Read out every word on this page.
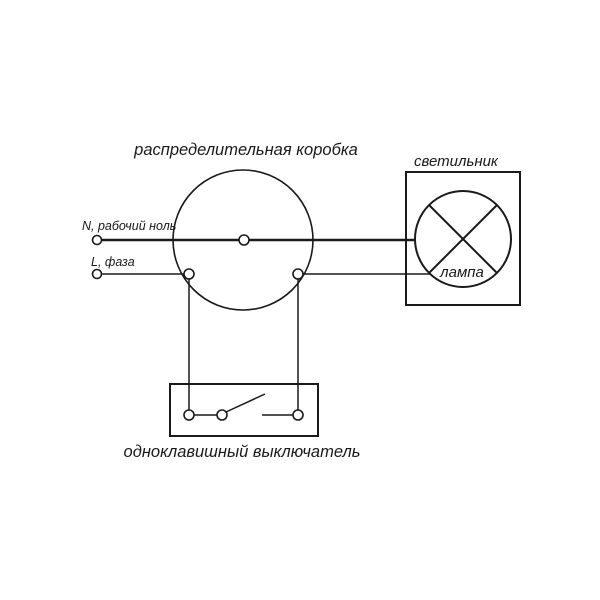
распределительная коробка
светильник
лампа
одноклавишный выключатель
N, рабочий ноль
L, фаза
